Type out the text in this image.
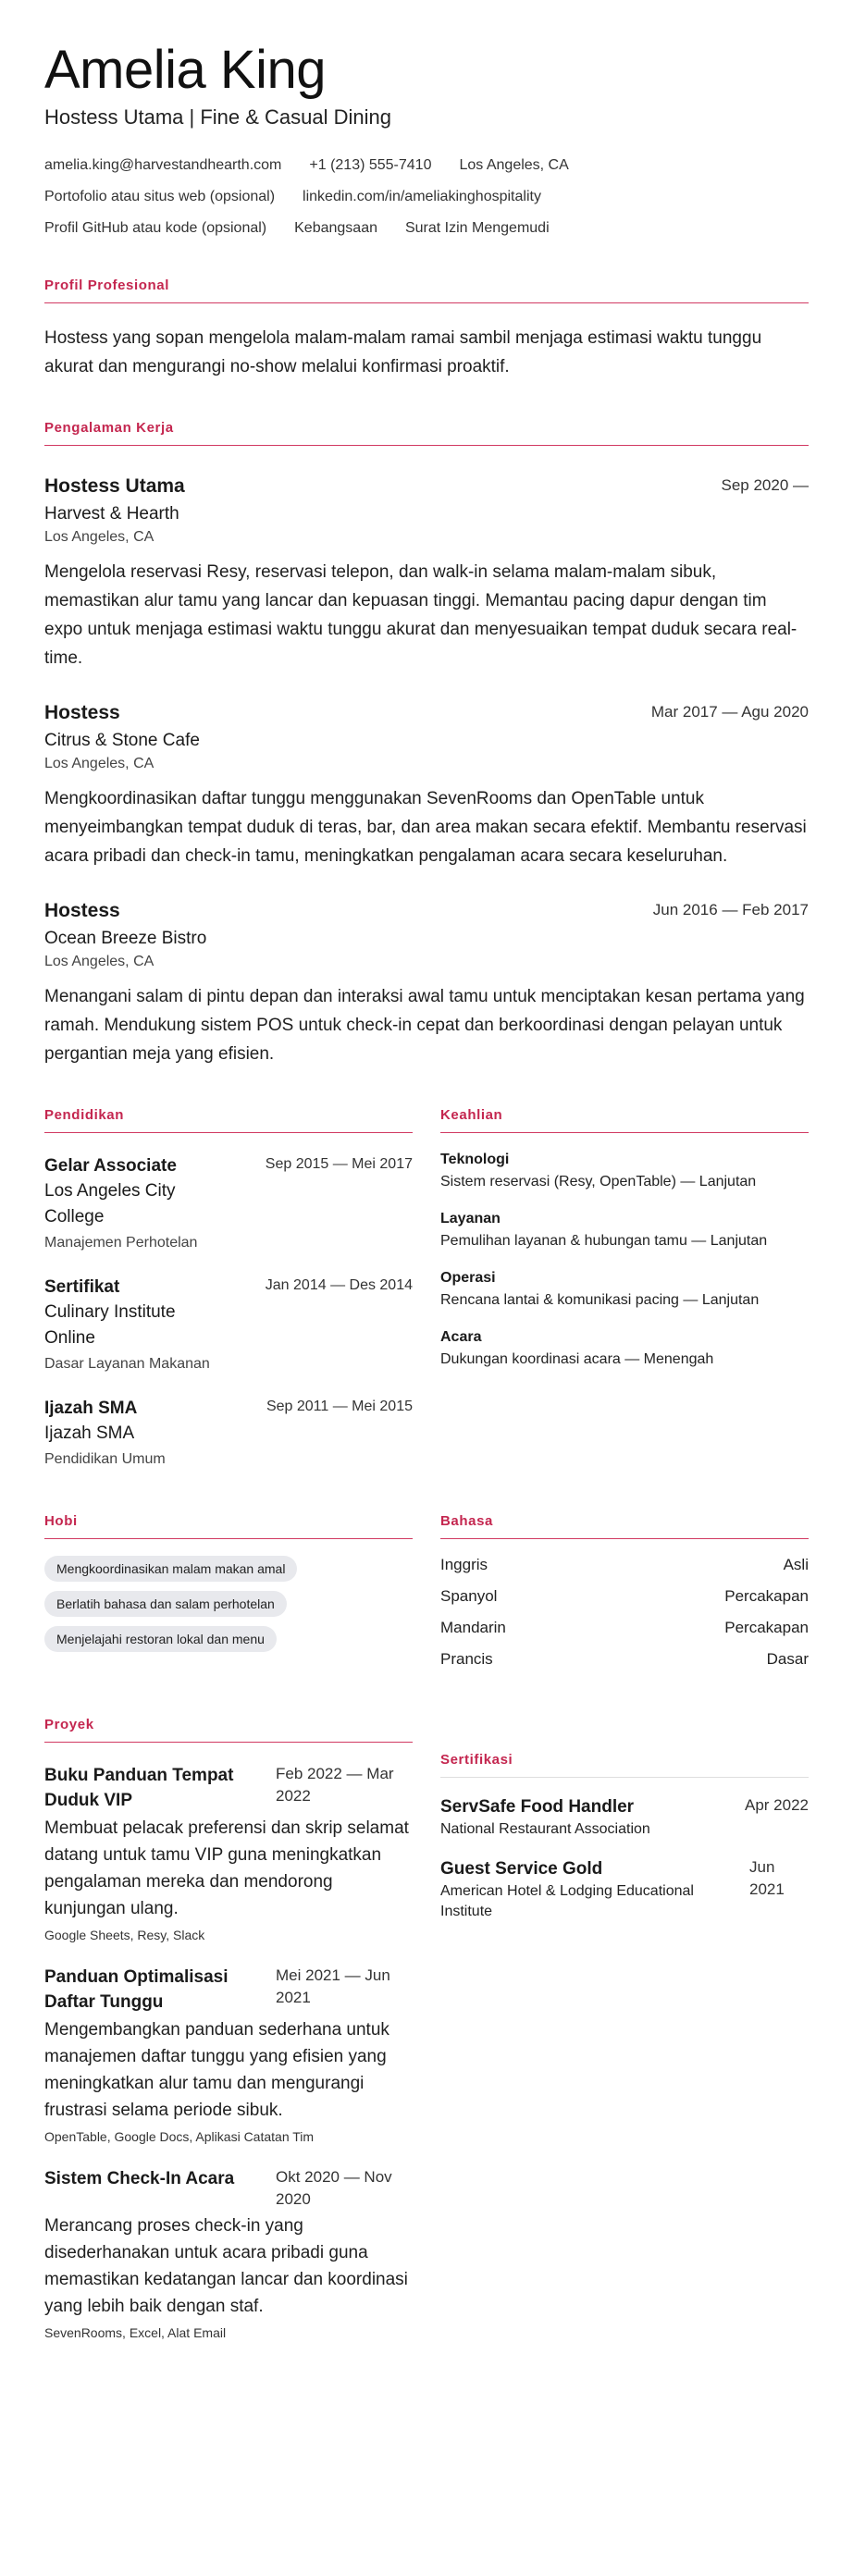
Amelia King
Hostess Utama | Fine & Casual Dining
amelia.king@harvestandhearth.com +1 (213) 555-7410 Los Angeles, CA
Portofolio atau situs web (opsional) linkedin.com/in/ameliakinghospitality
Profil GitHub atau kode (opsional) Kebangsaan Surat Izin Mengemudi
Profil Profesional
Hostess yang sopan mengelola malam-malam ramai sambil menjaga estimasi waktu tunggu akurat dan mengurangi no-show melalui konfirmasi proaktif.
Pengalaman Kerja
Hostess Utama	Sep 2020 —
Harvest & Hearth
Los Angeles, CA
Mengelola reservasi Resy, reservasi telepon, dan walk-in selama malam-malam sibuk, memastikan alur tamu yang lancar dan kepuasan tinggi. Memantau pacing dapur dengan tim expo untuk menjaga estimasi waktu tunggu akurat dan menyesuaikan tempat duduk secara real-time.
Hostess	Mar 2017 — Agu 2020
Citrus & Stone Cafe
Los Angeles, CA
Mengkoordinasikan daftar tunggu menggunakan SevenRooms dan OpenTable untuk menyeimbangkan tempat duduk di teras, bar, dan area makan secara efektif. Membantu reservasi acara pribadi dan check-in tamu, meningkatkan pengalaman acara secara keseluruhan.
Hostess	Jun 2016 — Feb 2017
Ocean Breeze Bistro
Los Angeles, CA
Menangani salam di pintu depan dan interaksi awal tamu untuk menciptakan kesan pertama yang ramah. Mendukung sistem POS untuk check-in cepat dan berkoordinasi dengan pelayan untuk pergantian meja yang efisien.
Pendidikan
Gelar Associate
Los Angeles City College
Sep 2015 — Mei 2017
Manajemen Perhotelan
Sertifikat
Culinary Institute Online
Jan 2014 — Des 2014
Dasar Layanan Makanan
Ijazah SMA
Ijazah SMA
Sep 2011 — Mei 2015
Pendidikan Umum
Keahlian
Teknologi
Sistem reservasi (Resy, OpenTable) — Lanjutan
Layanan
Pemulihan layanan & hubungan tamu — Lanjutan
Operasi
Rencana lantai & komunikasi pacing — Lanjutan
Acara
Dukungan koordinasi acara — Menengah
Hobi
Mengkoordinasikan malam makan amal
Berlatih bahasa dan salam perhotelan
Menjelajahi restoran lokal dan menu
Bahasa
Inggris	Asli
Spanyol	Percakapan
Mandarin	Percakapan
Prancis	Dasar
Proyek
Buku Panduan Tempat Duduk VIP
Feb 2022 — Mar 2022
Membuat pelacak preferensi dan skrip selamat datang untuk tamu VIP guna meningkatkan pengalaman mereka dan mendorong kunjungan ulang.
Google Sheets, Resy, Slack
Panduan Optimalisasi Daftar Tunggu
Mei 2021 — Jun 2021
Mengembangkan panduan sederhana untuk manajemen daftar tunggu yang efisien yang meningkatkan alur tamu dan mengurangi frustrasi selama periode sibuk.
OpenTable, Google Docs, Aplikasi Catatan Tim
Sistem Check-In Acara	Okt 2020 — Nov 2020
Merancang proses check-in yang disederhanakan untuk acara pribadi guna memastikan kedatangan lancar dan koordinasi yang lebih baik dengan staf.
SevenRooms, Excel, Alat Email
Sertifikasi
ServSafe Food Handler
National Restaurant Association
Apr 2022
Guest Service Gold
American Hotel & Lodging Educational Institute
Jun 2021
